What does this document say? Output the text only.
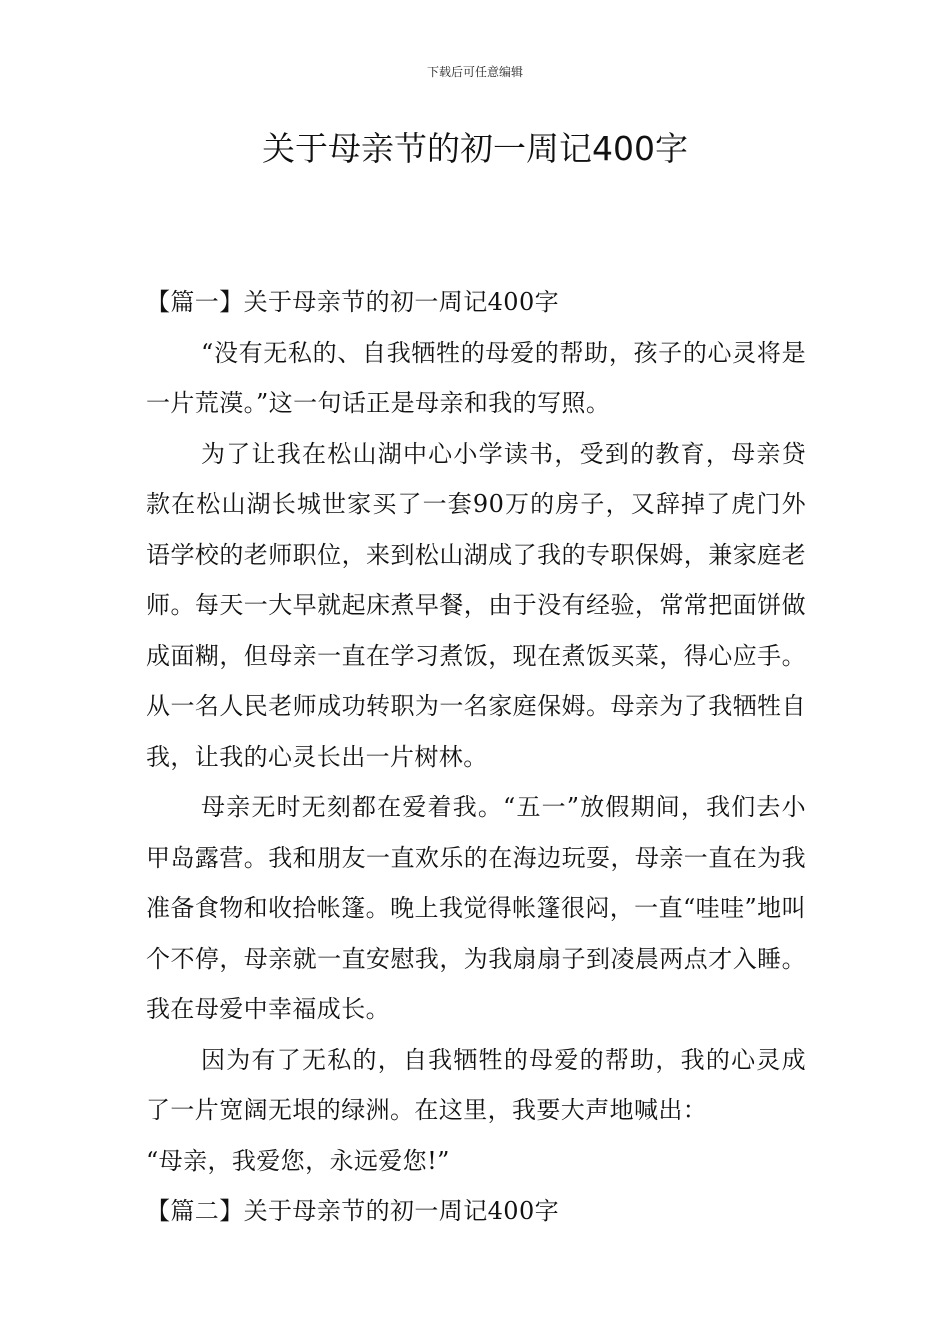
下载后可任意编辑
关于母亲节的初一周记400字

【篇一】关于母亲节的初一周记400字

“没有无私的、自我牺牲的母爱的帮助，孩子的心灵将是一片荒漠。”这一句话正是母亲和我的写照。

为了让我在松山湖中心小学读书，受到的教育，母亲贷款在松山湖长城世家买了一套90万的房子，又辞掉了虎门外语学校的老师职位，来到松山湖成了我的专职保姆，兼家庭老师。每天一大早就起床煮早餐，由于没有经验，常常把面饼做成面糊，但母亲一直在学习煮饭，现在煮饭买菜，得心应手。从一名人民老师成功转职为一名家庭保姆。母亲为了我牺牲自我，让我的心灵长出一片树林。

母亲无时无刻都在爱着我。“五一”放假期间，我们去小甲岛露营。我和朋友一直欢乐的在海边玩耍，母亲一直在为我准备食物和收拾帐篷。晚上我觉得帐篷很闷，一直“哇哇”地叫个不停，母亲就一直安慰我，为我扇扇子到凌晨两点才入睡。我在母爱中幸福成长。

因为有了无私的，自我牺牲的母爱的帮助，我的心灵成了一片宽阔无垠的绿洲。在这里，我要大声地喊出：

“母亲，我爱您，永远爱您!”

【篇二】关于母亲节的初一周记400字
